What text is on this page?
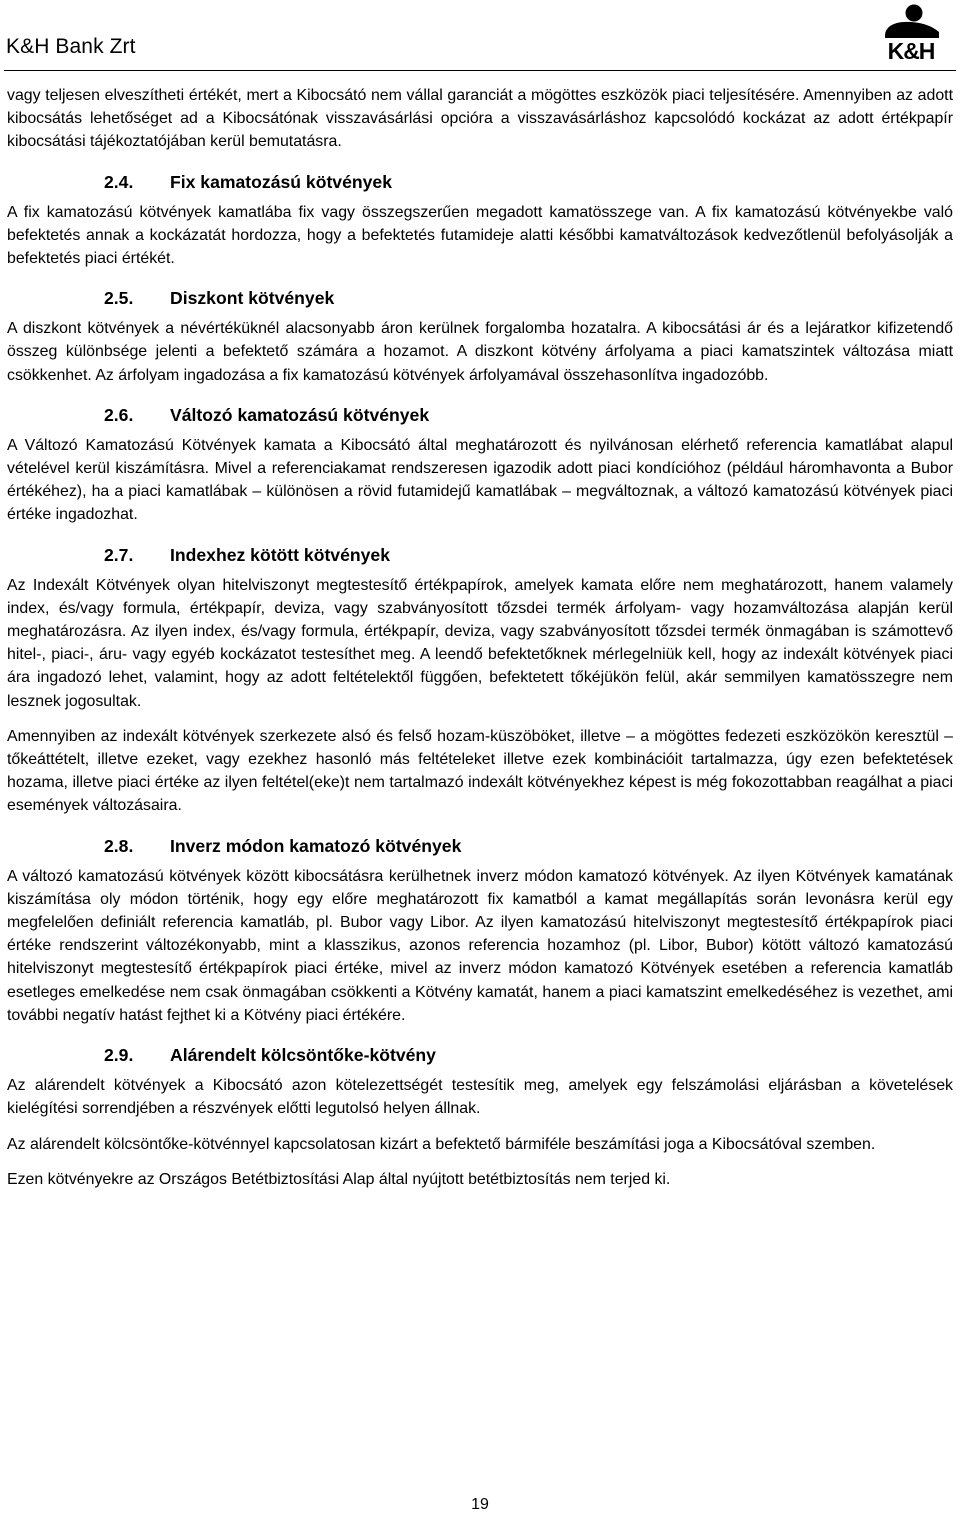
K&H Bank Zrt	K&H

vagy teljesen elveszítheti értékét, mert a Kibocsátó nem vállal garanciát a mögöttes eszközök piaci teljesítésére. Amennyiben az adott kibocsátás lehetőséget ad a Kibocsátónak visszavásárlási opcióra a visszavásárláshoz kapcsolódó kockázat az adott értékpapír kibocsátási tájékoztatójában kerül bemutatásra.

2.4.	Fix kamatozású kötvények

A fix kamatozású kötvények kamatlába fix vagy összegszerűen megadott kamatösszege van. A fix kamatozású kötvényekbe való befektetés annak a kockázatát hordozza, hogy a befektetés futamideje alatti későbbi kamatváltozások kedvezőtlenül befolyásolják a befektetés piaci értékét.

2.5.	Diszkont kötvények

A diszkont kötvények a névértéküknél alacsonyabb áron kerülnek forgalomba hozatalra. A kibocsátási ár és a lejáratkor kifizetendő összeg különbsége jelenti a befektető számára a hozamot. A diszkont kötvény árfolyama a piaci kamatszintek változása miatt csökkenhet. Az árfolyam ingadozása a fix kamatozású kötvények árfolyamával összehasonlítva ingadozóbb.

2.6.	Változó kamatozású kötvények

A Változó Kamatozású Kötvények kamata a Kibocsátó által meghatározott és nyilvánosan elérhető referencia kamatlábat alapul vételével kerül kiszámításra. Mivel a referenciakamat rendszeresen igazodik adott piaci kondícióhoz (például háromhavonta a Bubor értékéhez), ha a piaci kamatlábak – különösen a rövid futamidejű kamatlábak – megváltoznak, a változó kamatozású kötvények piaci értéke ingadozhat.

2.7.	Indexhez kötött kötvények

Az Indexált Kötvények olyan hitelviszonyt megtestesítő értékpapírok, amelyek kamata előre nem meghatározott, hanem valamely index, és/vagy formula, értékpapír, deviza, vagy szabványosított tőzsdei termék árfolyam- vagy hozamváltozása alapján kerül meghatározásra. Az ilyen index, és/vagy formula, értékpapír, deviza, vagy szabványosított tőzsdei termék önmagában is számottevő hitel-, piaci-, áru- vagy egyéb kockázatot testesíthet meg. A leendő befektetőknek mérlegelniük kell, hogy az indexált kötvények piaci ára ingadozó lehet, valamint, hogy az adott feltételektől függően, befektetett tőkéjükön felül, akár semmilyen kamatösszegre nem lesznek jogosultak.

Amennyiben az indexált kötvények szerkezete alsó és felső hozam-küszöböket, illetve – a mögöttes fedezeti eszközökön keresztül – tőkeáttételt, illetve ezeket, vagy ezekhez hasonló más feltételeket illetve ezek kombinációit tartalmazza, úgy ezen befektetések hozama, illetve piaci értéke az ilyen feltétel(eke)t nem tartalmazó indexált kötvényekhez képest is még fokozottabban reagálhat a piaci események változásaira.

2.8.	Inverz módon kamatozó kötvények

A változó kamatozású kötvények között kibocsátásra kerülhetnek inverz módon kamatozó kötvények. Az ilyen Kötvények kamatának kiszámítása oly módon történik, hogy egy előre meghatározott fix kamatból a kamat megállapítás során levonásra kerül egy megfelelően definiált referencia kamatláb, pl. Bubor vagy Libor. Az ilyen kamatozású hitelviszonyt megtestesítő értékpapírok piaci értéke rendszerint változékonyabb, mint a klasszikus, azonos referencia hozamhoz (pl. Libor, Bubor) kötött változó kamatozású hitelviszonyt megtestesítő értékpapírok piaci értéke, mivel az inverz módon kamatozó Kötvények esetében a referencia kamatláb esetleges emelkedése nem csak önmagában csökkenti a Kötvény kamatát, hanem a piaci kamatszint emelkedéséhez is vezethet, ami további negatív hatást fejthet ki a Kötvény piaci értékére.

2.9.	Alárendelt kölcsöntőke-kötvény

Az alárendelt kötvények a Kibocsátó azon kötelezettségét testesítik meg, amelyek egy felszámolási eljárásban a követelések kielégítési sorrendjében a részvények előtti legutolsó helyen állnak.

Az alárendelt kölcsöntőke-kötvénnyel kapcsolatosan kizárt a befektető bármiféle beszámítási joga a Kibocsátóval szemben.

Ezen kötvényekre az Országos Betétbiztosítási Alap által nyújtott betétbiztosítás nem terjed ki.

19
